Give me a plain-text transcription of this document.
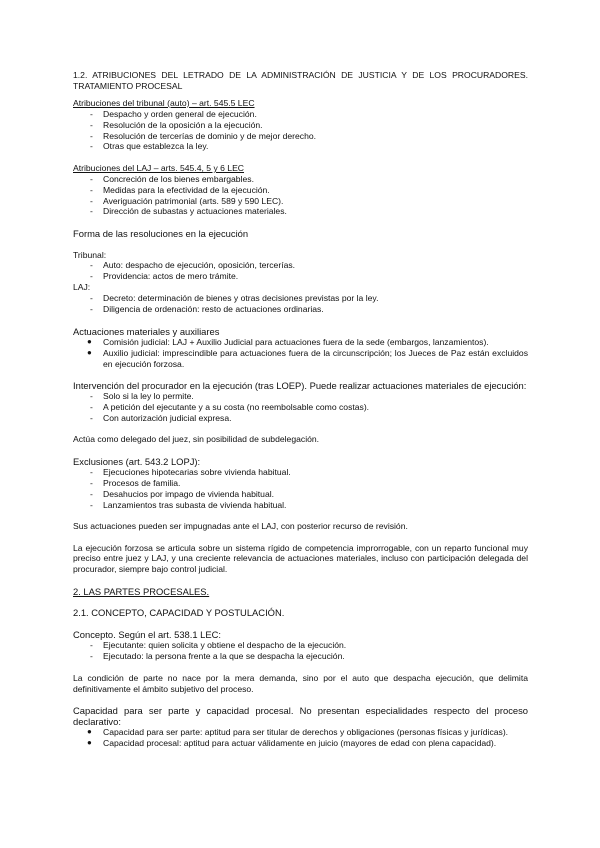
1.2. ATRIBUCIONES DEL LETRADO DE LA ADMINISTRACIÓN DE JUSTICIA Y DE LOS PROCURADORES. TRATAMIENTO PROCESAL

Atribuciones del tribunal (auto) – art. 545.5 LEC

- Despacho y orden general de ejecución.
- Resolución de la oposición a la ejecución.
- Resolución de tercerías de dominio y de mejor derecho.
- Otras que establezca la ley.

Atribuciones del LAJ – arts. 545.4, 5 y 6 LEC

- Concreción de los bienes embargables.
- Medidas para la efectividad de la ejecución.
- Averiguación patrimonial (arts. 589 y 590 LEC).
- Dirección de subastas y actuaciones materiales.

Forma de las resoluciones en la ejecución

Tribunal:

- Auto: despacho de ejecución, oposición, tercerías.
- Providencia: actos de mero trámite.

LAJ:

- Decreto: determinación de bienes y otras decisiones previstas por la ley.
- Diligencia de ordenación: resto de actuaciones ordinarias.

Actuaciones materiales y auxiliares

● Comisión judicial: LAJ + Auxilio Judicial para actuaciones fuera de la sede (embargos, lanzamientos).
● Auxilio judicial: imprescindible para actuaciones fuera de la circunscripción; los Jueces de Paz están excluidos en ejecución forzosa.

Intervención del procurador en la ejecución (tras LOEP). Puede realizar actuaciones materiales de ejecución:

- Solo si la ley lo permite.
- A petición del ejecutante y a su costa (no reembolsable como costas).
- Con autorización judicial expresa.

Actúa como delegado del juez, sin posibilidad de subdelegación.

Exclusiones (art. 543.2 LOPJ):

- Ejecuciones hipotecarias sobre vivienda habitual.
- Procesos de familia.
- Desahucios por impago de vivienda habitual.
- Lanzamientos tras subasta de vivienda habitual.

Sus actuaciones pueden ser impugnadas ante el LAJ, con posterior recurso de revisión.

La ejecución forzosa se articula sobre un sistema rígido de competencia improrrogable, con un reparto funcional muy preciso entre juez y LAJ, y una creciente relevancia de actuaciones materiales, incluso con participación delegada del procurador, siempre bajo control judicial.

2. LAS PARTES PROCESALES.

2.1. CONCEPTO, CAPACIDAD Y POSTULACIÓN.

Concepto. Según el art. 538.1 LEC:

- Ejecutante: quien solicita y obtiene el despacho de la ejecución.
- Ejecutado: la persona frente a la que se despacha la ejecución.

La condición de parte no nace por la mera demanda, sino por el auto que despacha ejecución, que delimita definitivamente el ámbito subjetivo del proceso.

Capacidad para ser parte y capacidad procesal. No presentan especialidades respecto del proceso declarativo:

● Capacidad para ser parte: aptitud para ser titular de derechos y obligaciones (personas físicas y jurídicas).
● Capacidad procesal: aptitud para actuar válidamente en juicio (mayores de edad con plena capacidad).
